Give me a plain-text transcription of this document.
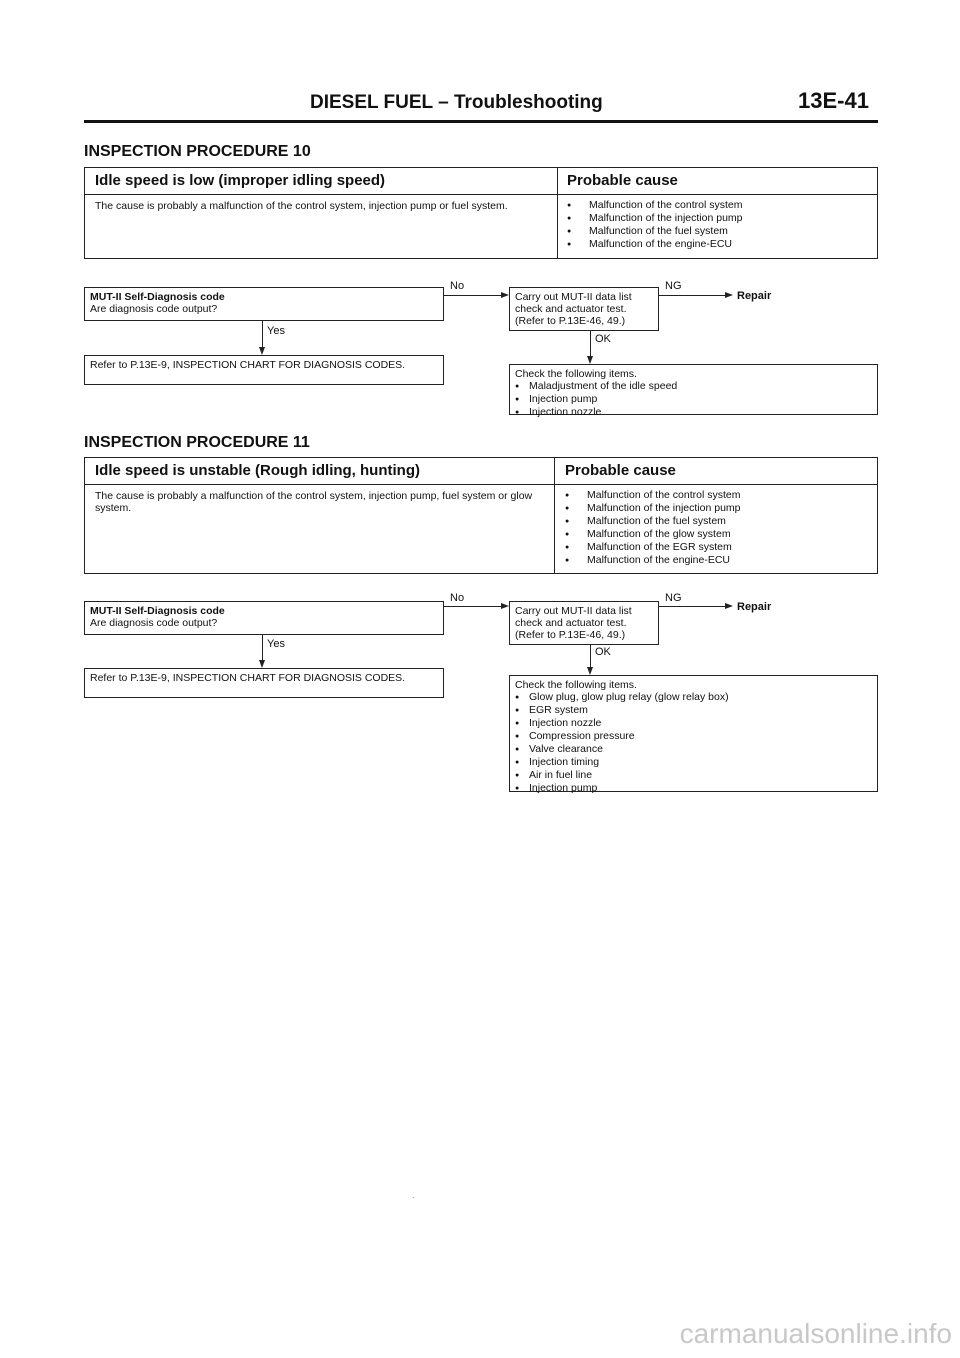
DIESEL FUEL – Troubleshooting	13E-41
INSPECTION PROCEDURE 10
Idle speed is low (improper idling speed)	Probable cause
The cause is probably a malfunction of the control system, injection pump or fuel system.
●	Malfunction of the control system
● Malfunction of the injection pump
● Malfunction of the fuel system
● Malfunction of the engine-ECU
MUT-II Self-Diagnosis code
Are diagnosis code output?
No
Yes
Refer to P.13E-9, INSPECTION CHART FOR DIAGNOSIS CODES.
Carry out MUT-II data list check and actuator test. (Refer to P.13E-46, 49.)
NG
Repair
OK
Check the following items.
● Maladjustment of the idle speed
● Injection pump
● Injection nozzle
INSPECTION PROCEDURE 11
Idle speed is unstable (Rough idling, hunting)	Probable cause
The cause is probably a malfunction of the control system, injection pump, fuel system or glow system.
● Malfunction of the control system
● Malfunction of the injection pump
● Malfunction of the fuel system
● Malfunction of the glow system
● Malfunction of the EGR system
● Malfunction of the engine-ECU
MUT-II Self-Diagnosis code
Are diagnosis code output?
No
Yes
Refer to P.13E-9, INSPECTION CHART FOR DIAGNOSIS CODES.
Carry out MUT-II data list check and actuator test. (Refer to P.13E-46, 49.)
NG
Repair
OK
Check the following items.
● Glow plug, glow plug relay (glow relay box)
● EGR system
● Injection nozzle
● Compression pressure
● Valve clearance
● Injection timing
● Air in fuel line
● Injection pump
·
carmanualsonline.info
